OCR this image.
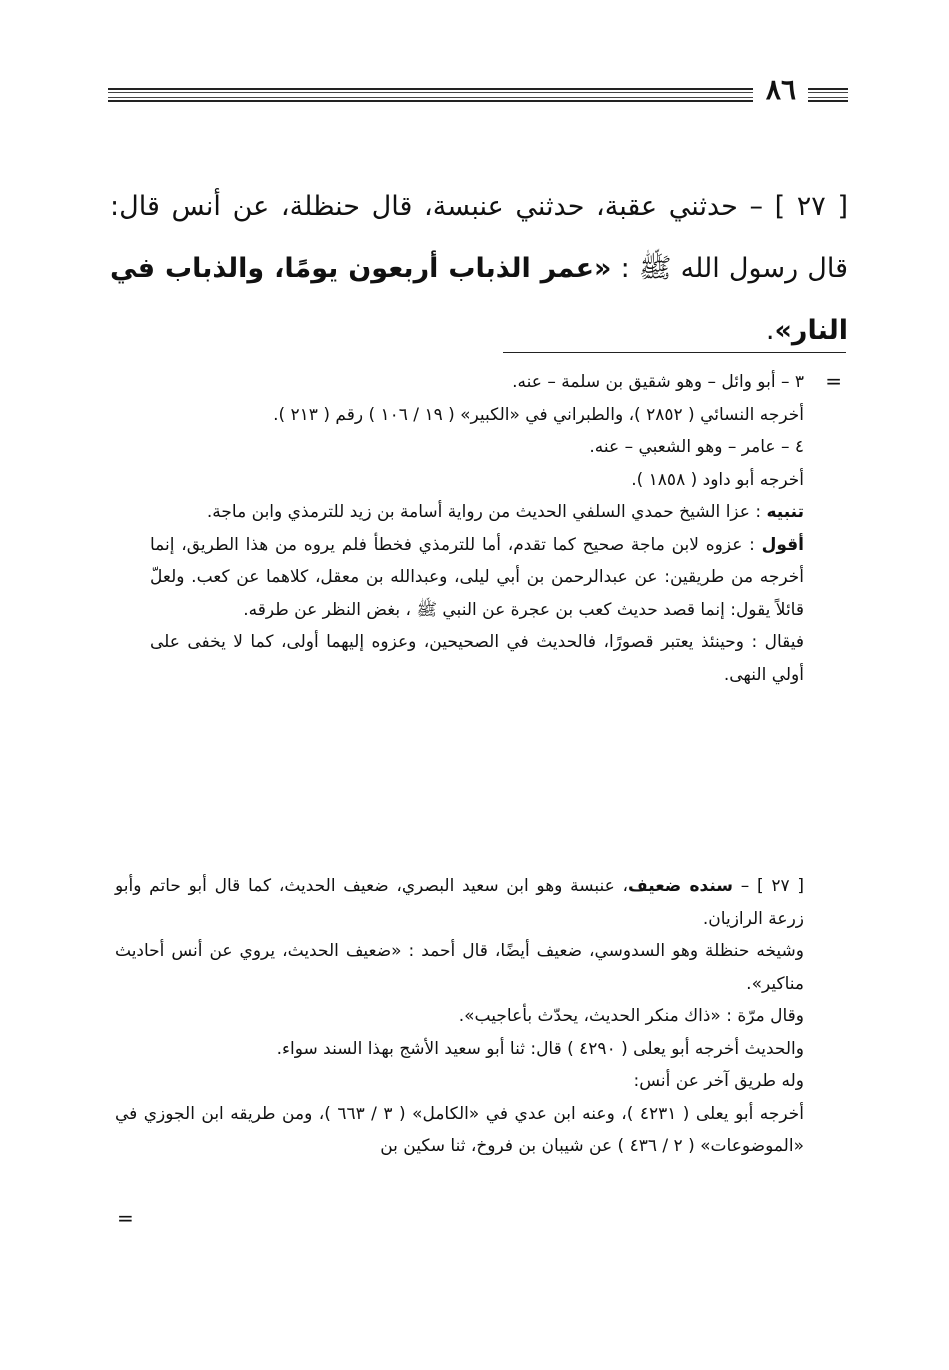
٨٦
[ ٢٧ ] – حدثني عقبة، حدثني عنبسة، قال حنظلة، عن أنس قال: قال رسول الله ﷺ : «عمر الذباب أربعون يومًا، والذباب في النار».
=

٣ – أبو وائل – وهو شقيق بن سلمة – عنه.

أخرجه النسائي ( ٢٨٥٢ )، والطبراني في «الكبير» ( ١٩ / ١٠٦ ) رقم ( ٢١٣ ).

٤ – عامر – وهو الشعبي – عنه.

أخرجه أبو داود ( ١٨٥٨ ).

تنبيه : عزا الشيخ حمدي السلفي الحديث من رواية أسامة بن زيد للترمذي وابن ماجة.

أقول : عزوه لابن ماجة صحيح كما تقدم، أما للترمذي فخطأ فلم يروه من هذا الطريق، إنما أخرجه من طريقين: عن عبدالرحمن بن أبي ليلى، وعبدالله بن معقل، كلاهما عن كعب. ولعلّ قائلاً يقول: إنما قصد حديث كعب بن عجرة عن النبي ﷺ ، بغض النظر عن طرقه.

فيقال : وحينئذ يعتبر قصورًا، فالحديث في الصحيحين، وعزوه إليهما أولى، كما لا يخفى على أولي النهى.

[ ٢٧ ] – سنده ضعيف، عنبسة وهو ابن سعيد البصري، ضعيف الحديث، كما قال أبو حاتم وأبو زرعة الرازيان.

وشيخه حنظلة وهو السدوسي، ضعيف أيضًا، قال أحمد : «ضعيف الحديث، يروي عن أنس أحاديث مناكير».

وقال مرّة : «ذاك منكر الحديث، يحدّث بأعاجيب».

والحديث أخرجه أبو يعلى ( ٤٢٩٠ ) قال: ثنا أبو سعيد الأشج بهذا السند سواء.

وله طريق آخر عن أنس:

أخرجه أبو يعلى ( ٤٢٣١ )، وعنه ابن عدي في «الكامل» ( ٣ / ٦٦٣ )، ومن طريقه ابن الجوزي في «الموضوعات» ( ٢ / ٤٣٦ ) عن شيبان بن فروخ، ثنا سكين بن

=
